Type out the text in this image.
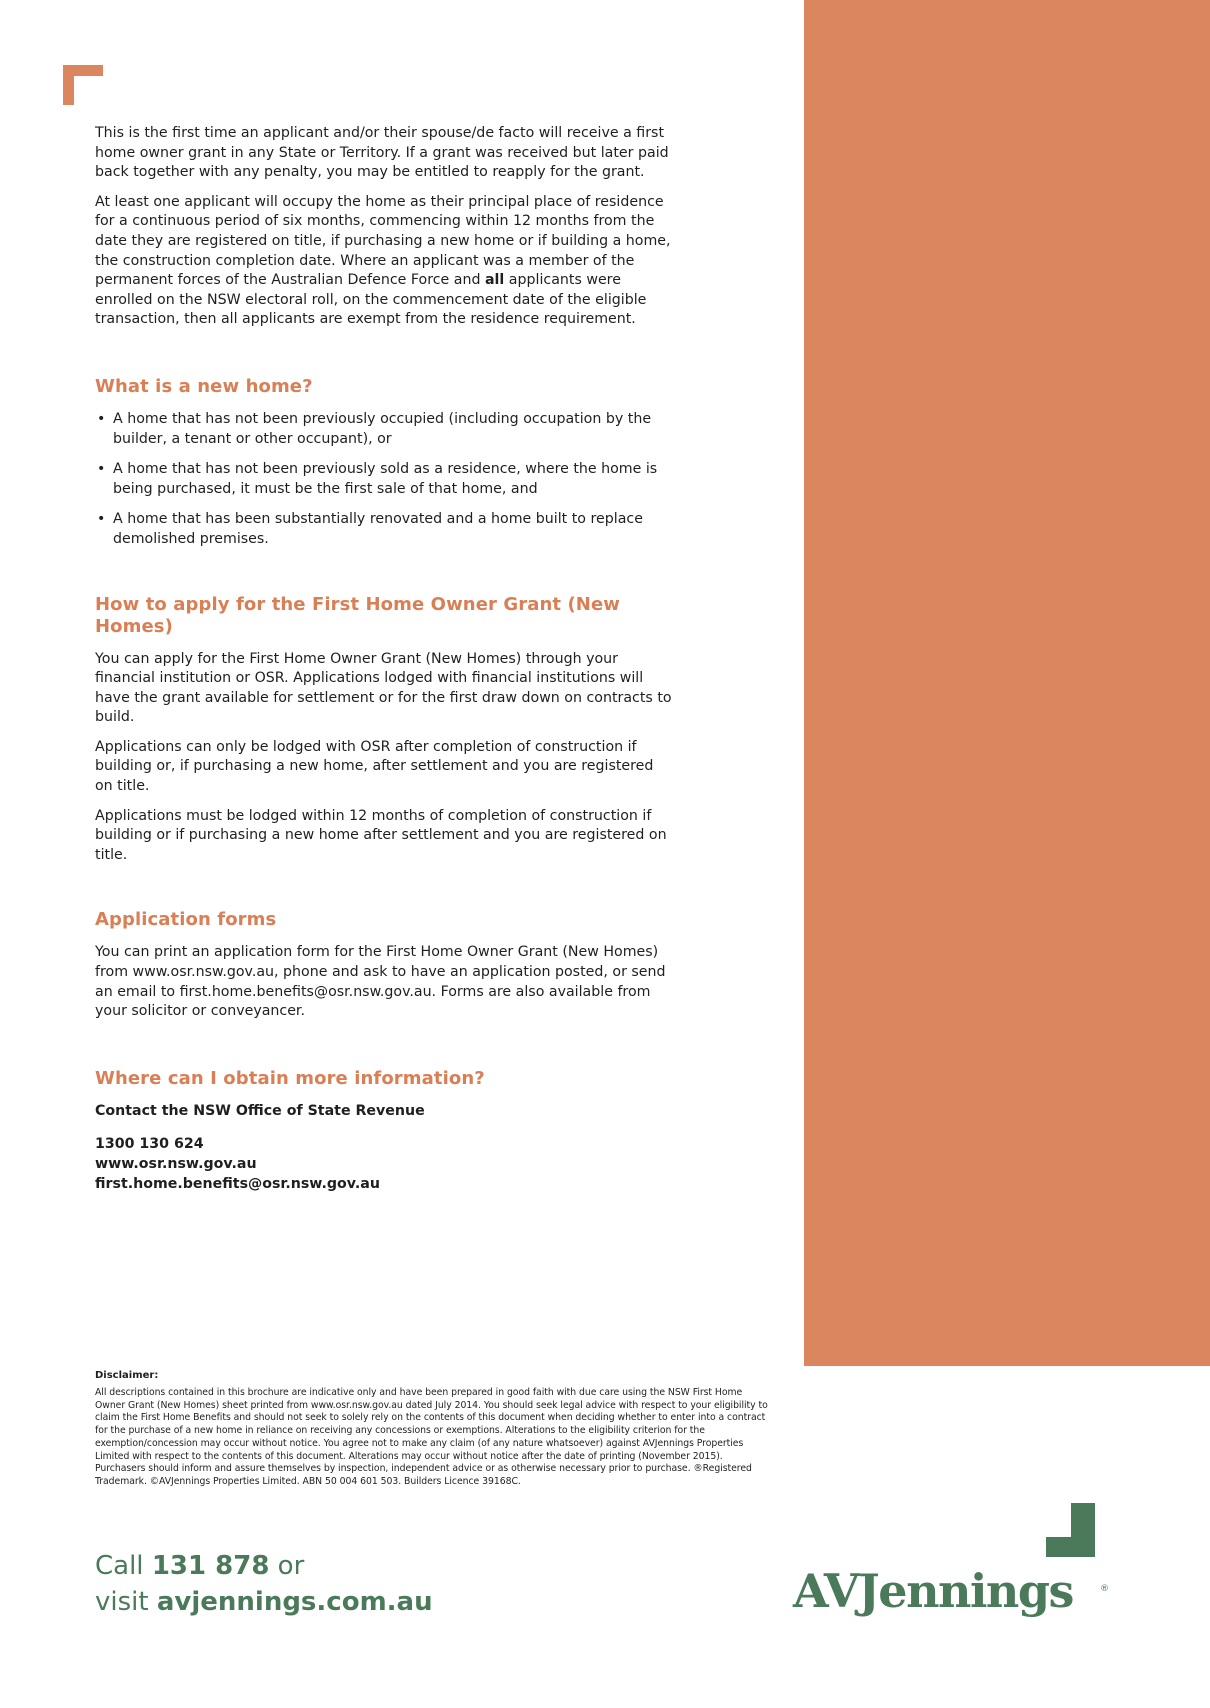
This is the first time an applicant and/or their spouse/de facto will receive a first home owner grant in any State or Territory. If a grant was received but later paid back together with any penalty, you may be entitled to reapply for the grant.

At least one applicant will occupy the home as their principal place of residence for a continuous period of six months, commencing within 12 months from the date they are registered on title, if purchasing a new home or if building a home, the construction completion date. Where an applicant was a member of the permanent forces of the Australian Defence Force and all applicants were enrolled on the NSW electoral roll, on the commencement date of the eligible transaction, then all applicants are exempt from the residence requirement.

What is a new home?
• A home that has not been previously occupied (including occupation by the builder, a tenant or other occupant), or
• A home that has not been previously sold as a residence, where the home is being purchased, it must be the first sale of that home, and
• A home that has been substantially renovated and a home built to replace demolished premises.
How to apply for the First Home Owner Grant (New Homes)

You can apply for the First Home Owner Grant (New Homes) through your financial institution or OSR. Applications lodged with financial institutions will have the grant available for settlement or for the first draw down on contracts to build.

Applications can only be lodged with OSR after completion of construction if building or, if purchasing a new home, after settlement and you are registered on title.

Applications must be lodged within 12 months of completion of construction if building or if purchasing a new home after settlement and you are registered on title.

Application forms

You can print an application form for the First Home Owner Grant (New Homes) from www.osr.nsw.gov.au, phone and ask to have an application posted, or send an email to first.home.benefits@osr.nsw.gov.au. Forms are also available from your solicitor or conveyancer.

Where can I obtain more information?

Contact the NSW Office of State Revenue

1300 130 624
www.osr.nsw.gov.au
first.home.benefits@osr.nsw.gov.au
Disclaimer:
All descriptions contained in this brochure are indicative only and have been prepared in good faith with due care using the NSW First Home Owner Grant (New Homes) sheet printed from www.osr.nsw.gov.au dated July 2014. You should seek legal advice with respect to your eligibility to claim the First Home Benefits and should not seek to solely rely on the contents of this document when deciding whether to enter into a contract for the purchase of a new home in reliance on receiving any concessions or exemptions. Alterations to the eligibility criterion for the exemption/concession may occur without notice. You agree not to make any claim (of any nature whatsoever) against AVJennings Properties Limited with respect to the contents of this document. Alterations may occur without notice after the date of printing (November 2015). Purchasers should inform and assure themselves by inspection, independent advice or as otherwise necessary prior to purchase. ®Registered Trademark. ©AVJennings Properties Limited. ABN 50 004 601 503. Builders Licence 39168C.
Call 131 878 or
visit avjennings.com.au	AVJennings	®
